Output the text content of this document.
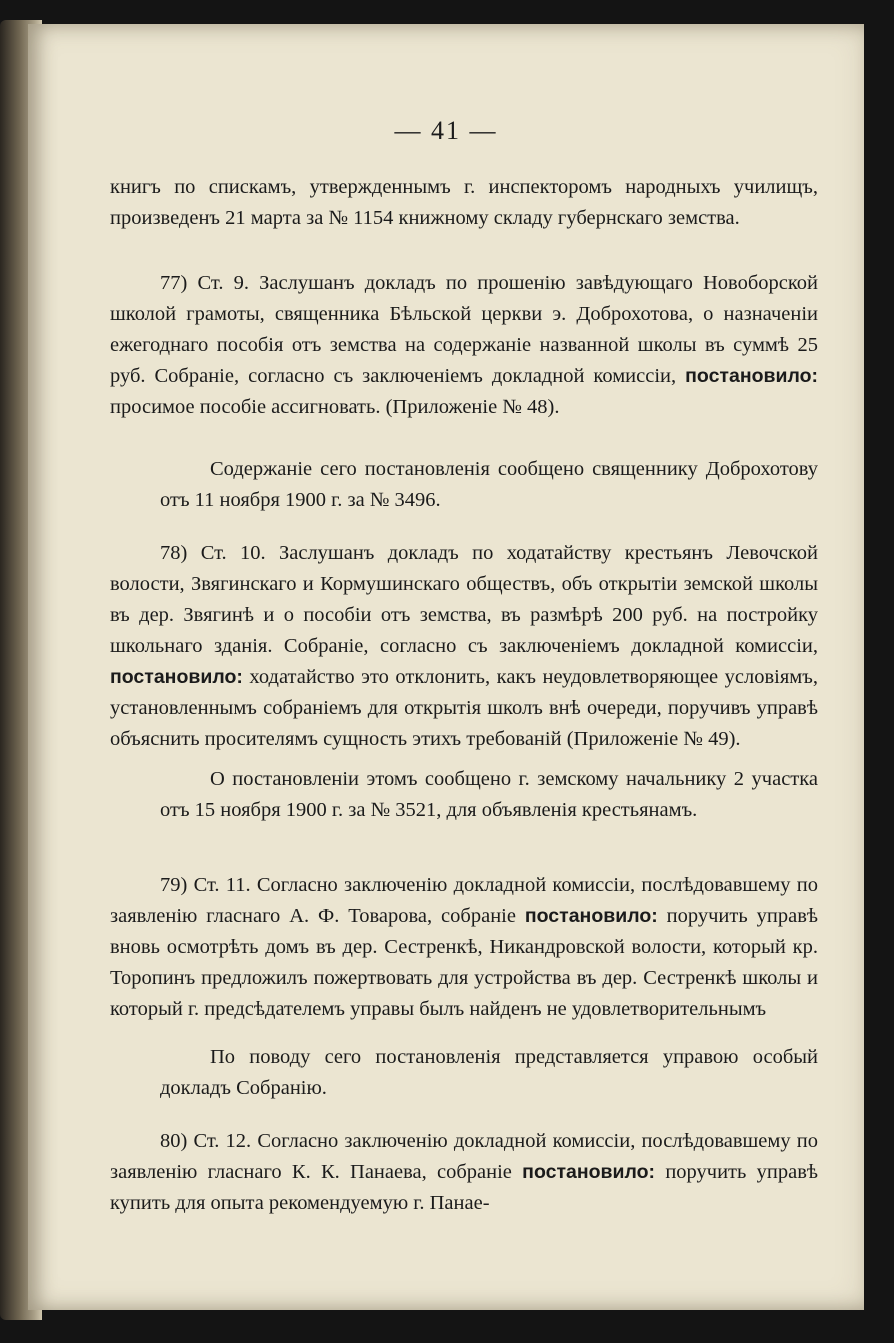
— 41 —

книгъ по спискамъ, утвержденнымъ г. инспекторомъ народныхъ училищъ, произведенъ 21 марта за № 1154 книжному складу губернскаго земства.

77) Ст. 9. Заслушанъ докладъ по прошенію завѣдующаго Новоборской школой грамоты, священника Бѣльской церкви э. Доброхотова, о назначеніи ежегоднаго пособія отъ земства на содержаніе названной школы въ суммѣ 25 руб. Собраніе, согласно съ заключеніемъ докладной комиссіи, постановило: просимое пособіе ассигновать. (Приложеніе № 48).

Содержаніе сего постановленія сообщено священнику Доброхотову отъ 11 ноября 1900 г. за № 3496.

78) Ст. 10. Заслушанъ докладъ по ходатайству крестьянъ Левочской волости, Звягинскаго и Кормушинскаго обществъ, объ открытіи земской школы въ дер. Звягинѣ и о пособіи отъ земства, въ размѣрѣ 200 руб. на постройку школьнаго зданія. Собраніе, согласно съ заключеніемъ докладной комиссіи, постановило: ходатайство это отклонить, какъ неудовлетворяющее условіямъ, установленнымъ собраніемъ для открытія школъ внѣ очереди, поручивъ управѣ объяснить просителямъ сущность этихъ требованій (Приложеніе № 49).

О постановленіи этомъ сообщено г. земскому начальнику 2 участка отъ 15 ноября 1900 г. за № 3521, для объявленія крестьянамъ.

79) Ст. 11. Согласно заключенію докладной комиссіи, послѣдовавшему по заявленію гласнаго А. Ф. Товарова, собраніе постановило: поручить управѣ вновь осмотрѣть домъ въ дер. Сестренкѣ, Никандровской волости, который кр. Торопинъ предложилъ пожертвовать для устройства въ дер. Сестренкѣ школы и который г. предсѣдателемъ управы былъ найденъ не удовлетворительнымъ

По поводу сего постановленія представляется управою особый докладъ Собранію.

80) Ст. 12. Согласно заключенію докладной комиссіи, послѣдовавшему по заявленію гласнаго К. К. Панаева, собраніе постановило: поручить управѣ купить для опыта рекомендуемую г. Панае-
